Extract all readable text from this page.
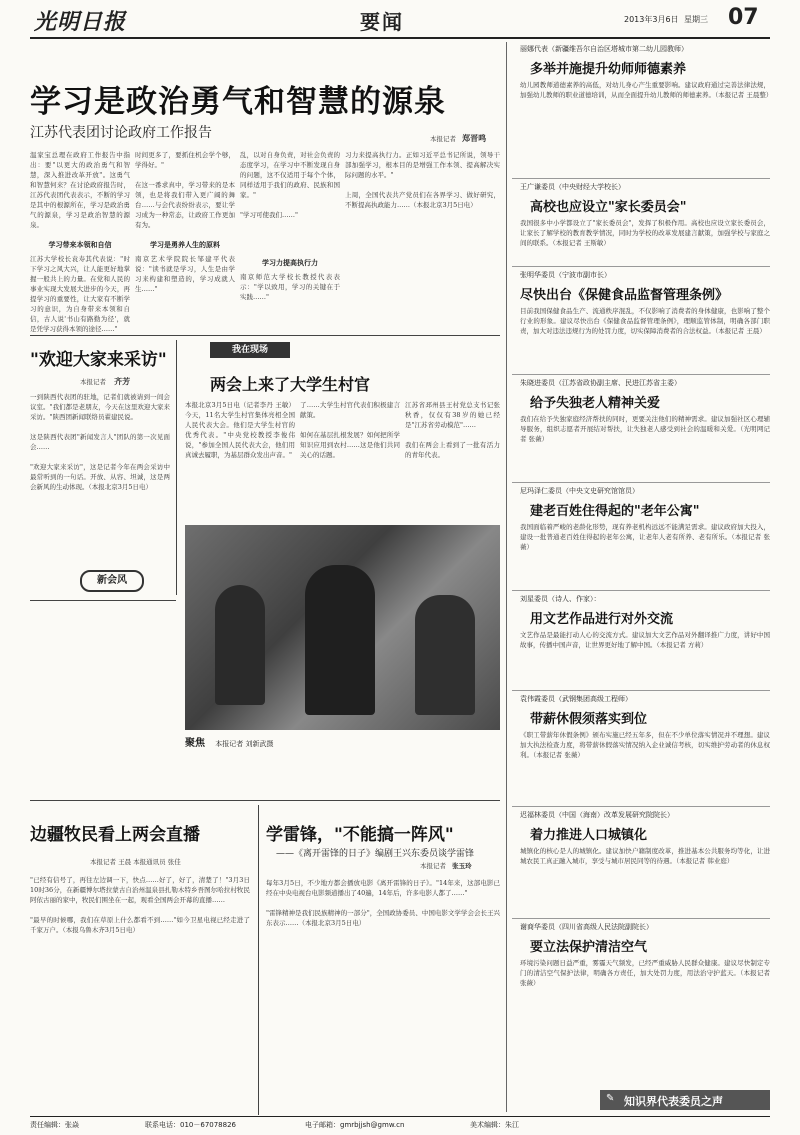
光明日报	要闻	2013年3月6日 星期三 07
学习是政治勇气和智慧的源泉
江苏代表团讨论政府工作报告	本报记者 郑晋鸣
温家宝总理在政府工作报告中指出：要"以更大的政治勇气和智慧，深入推进改革开放"。这勇气和智慧何来？在讨论政府报告时，江苏代表团代表表示，不断的学习是其中的根源所在，学习是政治勇气的源泉，学习是政治智慧的源泉。
学习带来本领和自信
江苏大学校长袁寿其代表说："时下学习之风大兴，让人能更好地掌握一般共上的力量。在党和人民的事业实现大发展大进步的今天，再提学习的重要性，让大家有不断学习的意识，为自身带来本领和自信，古人说'书山有路勤为径'，就是凭学习获得本领的途径……"
时间更多了，要抓住机会学个够，学得好。"

在这一番求真中，学习带来的是本领，也是将我们带入更广阔的舞台……与会代表纷纷表示，要让学习成为一种常态，让政府工作更加有为。
学习是勇养人生的原料
南京艺术学院院长邹建平代表说："读书就是学习，人生是由学习来构建和塑造的，学习成就人生……"
乱，以对自身负责，对社会负责的态度学习，在学习中不断发现自身的问题，这不仅适用于每个个体，同样适用于我们的政府、民族和国家。"

"学习可使我们……"
学习力提高执行力
南京师范大学校长教授代表表示："学以致用，学习的关键在于实践……"
习力来提高执行力。正如习近平总书记所说，领导干部加强学习，根本目的是增强工作本领、提高解决实际问题的水平。"

上周，全国代表共产党员们在各界学习、做好研究，不断提高执政能力……（本报北京3月5日电）
"欢迎大家来采访"
本报记者 齐芳
一到陕西代表团的驻地，记者们就被请到一间会议室。"我们都是老朋友，今天在这里欢迎大家来采访。"陕西团新闻联络员翟建民说。

这是陕西代表团"新闻发言人"团队的第一次见面会……

"欢迎大家来采访"，这是记者今年在两会采访中最常听到的一句话。开放、从容、坦诚，这是两会新风的生动体现。（本报北京3月5日电）
新会风
我在现场
两会上来了大学生村官
本报北京3月5日电（记者李丹 王敏）今天，11名大学生村官集体亮相全国人民代表大会。他们是大学生村官的优秀代表。"中央党校教授李俊伟说，"参加全国人民代表大会，他们用真诚去履职，为基层群众发出声音。"
了……大学生村官代表们积极建言献策。

如何在基层扎根发展？如何把所学知识应用到农村……这是他们共同关心的话题。
江苏省邳州县王村党总支书记张秋香，仅仅有38岁的她已经是"江苏省劳动模范"……

我们在两会上看到了一批有活力的青年代表。
聚焦 本报记者 刘新武摄
边疆牧民看上两会直播
本报记者 王晨 本报通讯员 张佳
"已经有信号了，再往左边调一下，快点……好了，好了，清楚了！"3月3日10时36分，在新疆博尔塔拉蒙古自治州温泉县扎勒木特乡吾图尔哈拉村牧民阿依古丽的家中，牧民们围坐在一起，观看全国两会开幕的直播……

"最早的时候哪，我们在草原上什么都看不到……"如今卫星电视已经走进了千家万户。（本报乌鲁木齐3月5日电）
学雷锋，"不能搞一阵风"
——《离开雷锋的日子》编剧王兴东委员谈学雷锋
本报记者 张玉玲
每年3月5日，不少地方都会播放电影《离开雷锋的日子》。"14年来，这部电影已经在中央电视台电影频道播出了40遍，14年后，许多电影人都了……"

"雷锋精神是我们民族精神的一部分"，全国政协委员、中国电影文学学会会长王兴东表示……（本报北京3月5日电）
丽娜代表（新疆维吾尔自治区塔城市第二幼儿园教师）
多举并施提升幼师师德素养
幼儿园教师道德素养的高低，对幼儿身心产生重要影响。建议政府通过完善法律法规，加强幼儿教师的职业道德培训，从而全面提升幼儿教师的师德素养。（本报记者 王晨整）
王广谦委员（中央财经大学校长）
高校也应设立"家长委员会"
我国很多中小学都设立了"家长委员会"，发挥了积极作用。高校也应设立家长委员会，让家长了解学校的教育教学情况，同时为学校的改革发展建言献策，加强学校与家庭之间的联系。（本报记者 王斯敏）
张明华委员（宁波市副市长）
尽快出台《保健食品监督管理条例》
目前我国保健食品生产、流通秩序混乱，不仅影响了消费者的身体健康，也影响了整个行业的形象。建议尽快出台《保健食品监督管理条例》，理顺监管体制，明确各部门职责，加大对违法违规行为的处罚力度，切实保障消费者的合法权益。（本报记者 王晨）
朱晓进委员（江苏省政协副主席、民进江苏省主委）
给予失独老人精神关爱
我们在给予失独家庭经济帮扶的同时，更要关注他们的精神需求。建议加强社区心理辅导服务，组织志愿者开展结对帮扶，让失独老人感受到社会的温暖和关爱。（光明网记者 张薇）
尼玛泽仁委员（中央文史研究馆馆员）
建老百姓住得起的"老年公寓"
我国面临着严峻的老龄化形势，现有养老机构远远不能满足需求。建议政府加大投入，建设一批普通老百姓住得起的老年公寓，让老年人老有所养、老有所乐。（本报记者 张薇）
刘星委员（诗人、作家）：
用文艺作品进行对外交流
文艺作品是最能打动人心的交流方式。建议加大文艺作品对外翻译推广力度，讲好中国故事，传播中国声音，让世界更好地了解中国。（本报记者 方莉）
袁伟霞委员（武钢集团高级工程师）
带薪休假须落实到位
《职工带薪年休假条例》颁布实施已经五年多，但在不少单位落实情况并不理想。建议加大执法检查力度，将带薪休假落实情况纳入企业诚信考核，切实维护劳动者的休息权利。（本报记者 张薇）
迟福林委员（中国（海南）改革发展研究院院长）
着力推进人口城镇化
城镇化的核心是人的城镇化。建议加快户籍制度改革，推进基本公共服务均等化，让进城农民工真正融入城市，享受与城市居民同等的待遇。（本报记者 韩业庭）
谢商华委员（四川省高级人民法院副院长）
要立法保护清洁空气
环境污染问题日益严重，雾霾天气频发，已经严重威胁人民群众健康。建议尽快制定专门的清洁空气保护法律，明确各方责任，加大处罚力度，用法治守护蓝天。（本报记者 张薇）
✎ 知识界代表委员之声
责任编辑：张焱	联系电话：010－67078826	电子邮箱：gmrbjjsh@gmw.cn	美术编辑：朱江
